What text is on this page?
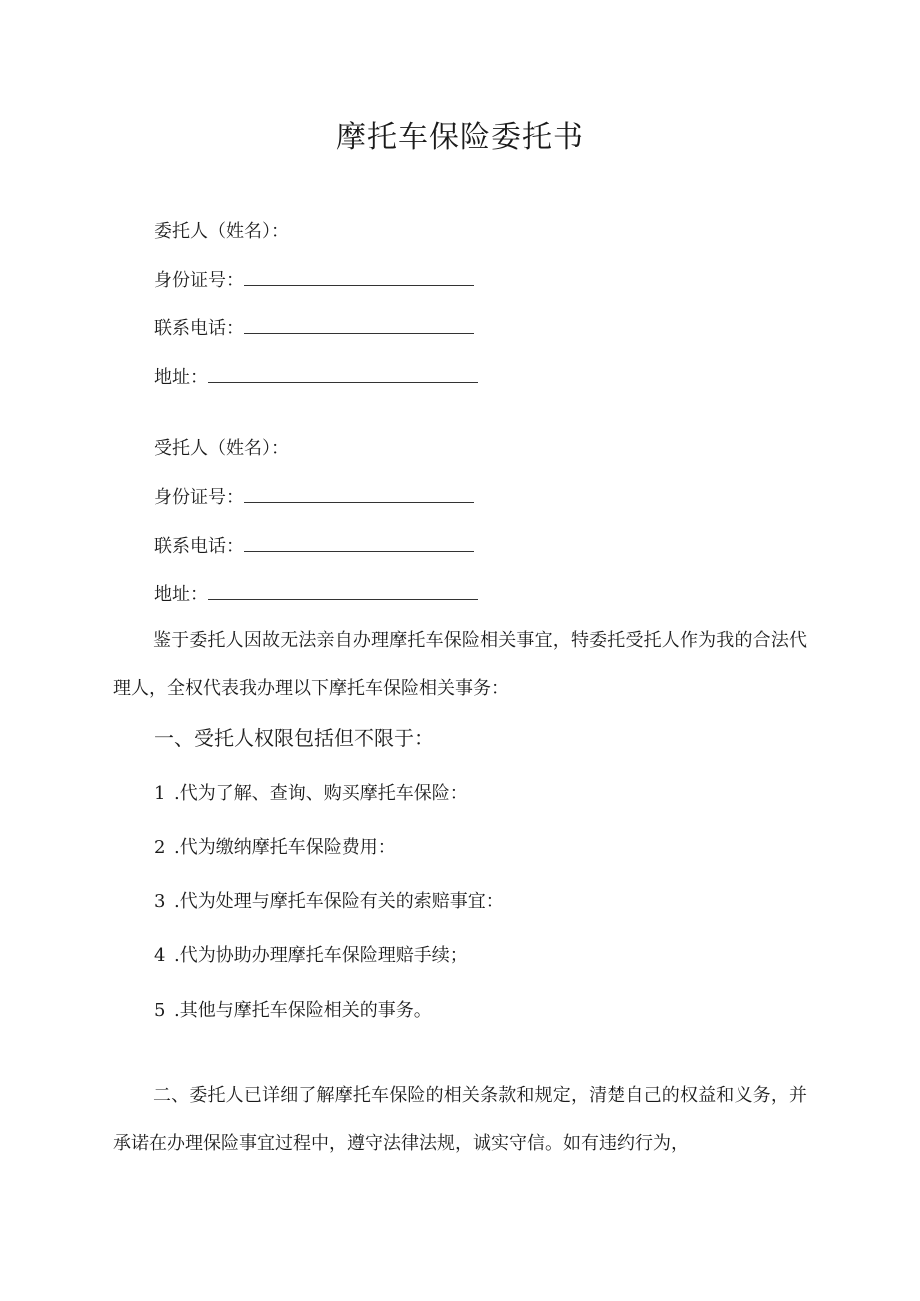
摩托车保险委托书
委托人（姓名）：
身份证号：
联系电话：
地址：
受托人（姓名）：
身份证号：
联系电话：
地址：
鉴于委托人因故无法亲自办理摩托车保险相关事宜，特委托受托人作为我的合法代理人，全权代表我办理以下摩托车保险相关事务：
一、受托人权限包括但不限于：
1 .代为了解、查询、购买摩托车保险：
2 .代为缴纳摩托车保险费用：
3 .代为处理与摩托车保险有关的索赔事宜：
4 .代为协助办理摩托车保险理赔手续；
5 .其他与摩托车保险相关的事务。
二、委托人已详细了解摩托车保险的相关条款和规定，清楚自己的权益和义务，并承诺在办理保险事宜过程中，遵守法律法规，诚实守信。如有违约行为，
